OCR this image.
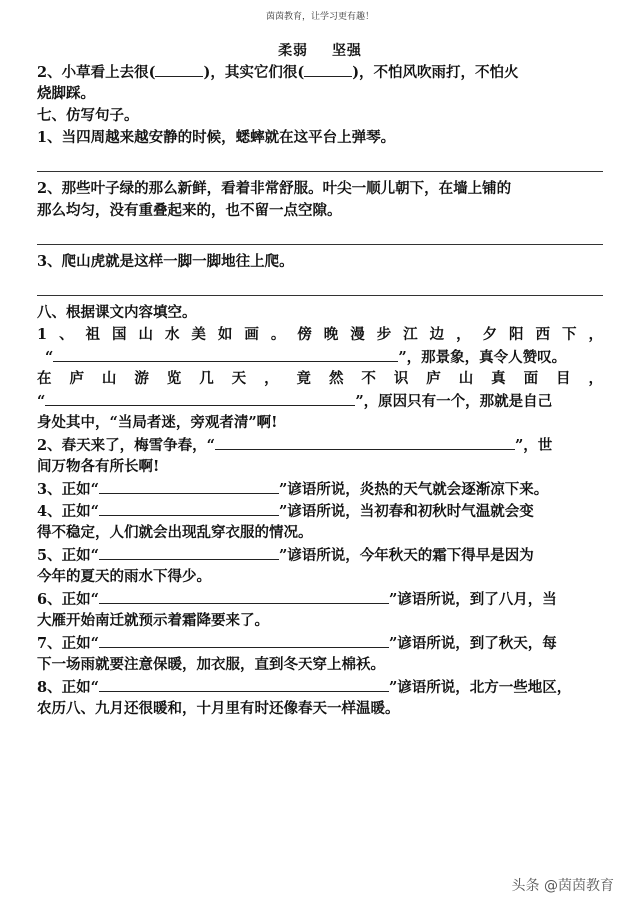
茵茵教育，让学习更有趣！
柔弱 坚强
2、小草看上去很(	)，其实它们很(	)，不怕风吹雨打，不怕火
烧脚踩。
七、仿写句子。
1、当四周越来越安静的时候，蟋蟀就在这平台上弹琴。
2、那些叶子绿的那么新鲜，看着非常舒服。叶尖一顺儿朝下，在墙上铺的
那么均匀，没有重叠起来的，也不留一点空隙。
3、爬山虎就是这样一脚一脚地往上爬。
八、根据课文内容填空。
1 、 祖 国 山 水 美 如 画 。 傍 晚 漫 步 江 边 ， 夕 阳 西 下 ，
“	”，那景象，真令人赞叹。
在 庐 山 游 览 几 天 ， 竟 然 不 识 庐 山 真 面 目 ，
“	”，原因只有一个，那就是自己
身处其中，“当局者迷，旁观者清”啊!
2、春天来了，梅雪争春，“	”，世
间万物各有所长啊!
3、正如“	”谚语所说，炎热的天气就会逐渐凉下来。
4、正如“	”谚语所说，当初春和初秋时气温就会变
得不稳定，人们就会出现乱穿衣服的情况。
5、正如“	”谚语所说，今年秋天的霜下得早是因为
今年的夏天的雨水下得少。
6、正如“	”谚语所说，到了八月，当
大雁开始南迁就预示着霜降要来了。
7、正如“	”谚语所说，到了秋天，每
下一场雨就要注意保暖，加衣服，直到冬天穿上棉袄。
8、正如“	”谚语所说，北方一些地区，
农历八、九月还很暖和，十月里有时还像春天一样温暖。
头条 @茵茵教育
